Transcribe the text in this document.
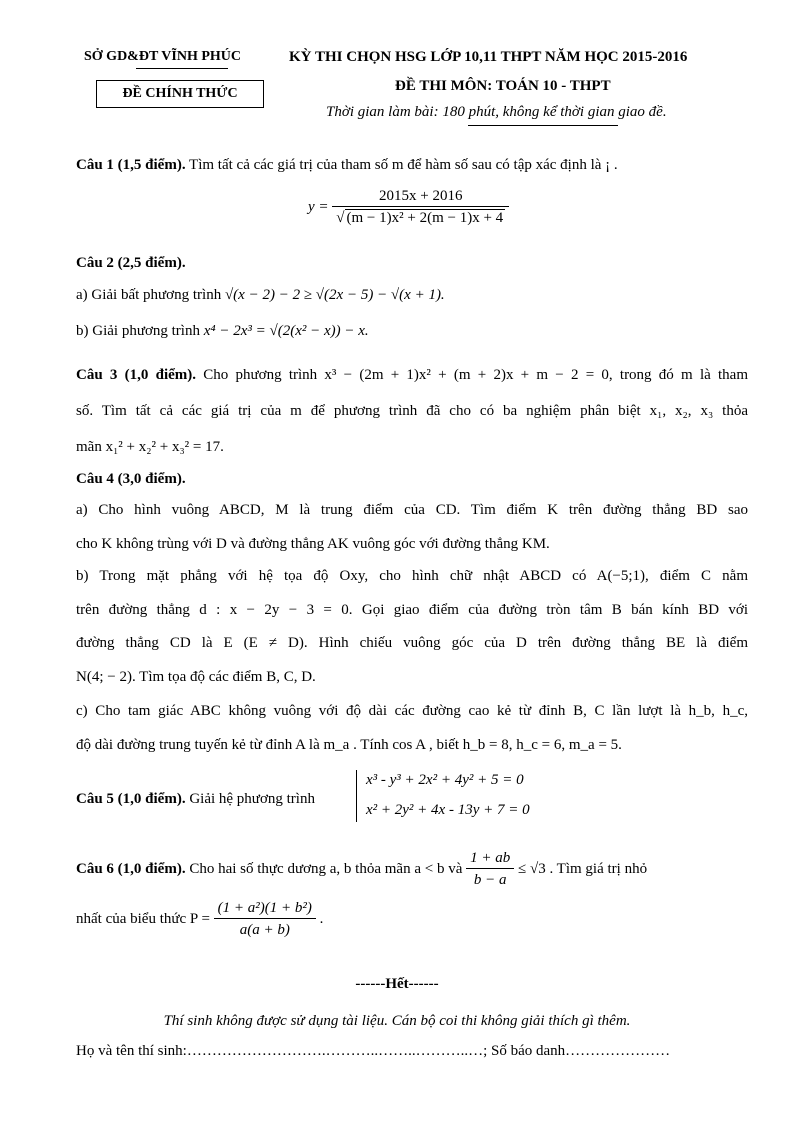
SỞ GD&ĐT VĨNH PHÚC
ĐỀ CHÍNH THỨC
KỲ THI CHỌN HSG LỚP 10,11 THPT NĂM HỌC 2015-2016
ĐỀ THI MÔN: TOÁN 10 - THPT
Thời gian làm bài: 180 phút, không kể thời gian giao đề.
Câu 1 (1,5 điểm). Tìm tất cả các giá trị của tham số m để hàm số sau có tập xác định là ¡ .
$y = \frac{2015x + 2016}{\text{√ (m − 1)x² + 2(m − 1)x + 4}}$
Câu 2 (2,5 điểm).
a) Giải bất phương trình √(x − 2) − 2 ≥ √(2x − 5) − √(x + 1).
b) Giải phương trình x⁴ − 2x³ = √(2(x² − x)) − x.
Câu 3 (1,0 điểm). Cho phương trình x³ − (2m + 1)x² + (m + 2)x + m − 2 = 0, trong đó m là tham
số. Tìm tất cả các giá trị của m để phương trình đã cho có ba nghiệm phân biệt x₁, x₂, x₃ thỏa
mãn x₁² + x₂² + x₃² = 17.
Câu 4 (3,0 điểm).
a) Cho hình vuông ABCD, M là trung điểm của CD. Tìm điểm K trên đường thẳng BD sao
cho K không trùng với D và đường thẳng AK vuông góc với đường thẳng KM.
b) Trong mặt phẳng với hệ tọa độ Oxy, cho hình chữ nhật ABCD có A(−5;1), điểm C nằm
trên đường thẳng d : x − 2y − 3 = 0. Gọi giao điểm của đường tròn tâm B bán kính BD với
đường thẳng CD là E (E ≠ D). Hình chiếu vuông góc của D trên đường thẳng BE là điểm
N(4; − 2). Tìm tọa độ các điểm B, C, D.
c) Cho tam giác ABC không vuông với độ dài các đường cao kẻ từ đỉnh B, C lần lượt là h_b, h_c,
độ dài đường trung tuyến kẻ từ đỉnh A là m_a . Tính cos A , biết h_b = 8, h_c = 6, m_a = 5.
Câu 5 (1,0 điểm). Giải hệ phương trình
x³ - y³ + 2x² + 4y² + 5 = 0
x² + 2y² + 4x - 13y + 7 = 0
Câu 6 (1,0 điểm). Cho hai số thực dương a, b thỏa mãn a < b và $\frac{1 + ab}{b - a} \le √3$ . Tìm giá trị nhỏ
nhất của biểu thức $P = \frac{\text{(1 + a²)(1 + b²)}}{a(a + b)}$ .
------Hết------
Thí sinh không được sử dụng tài liệu. Cán bộ coi thi không giải thích gì thêm.
Họ và tên thí sinh:……………………….………..……..………..…; Số báo danh…………………
